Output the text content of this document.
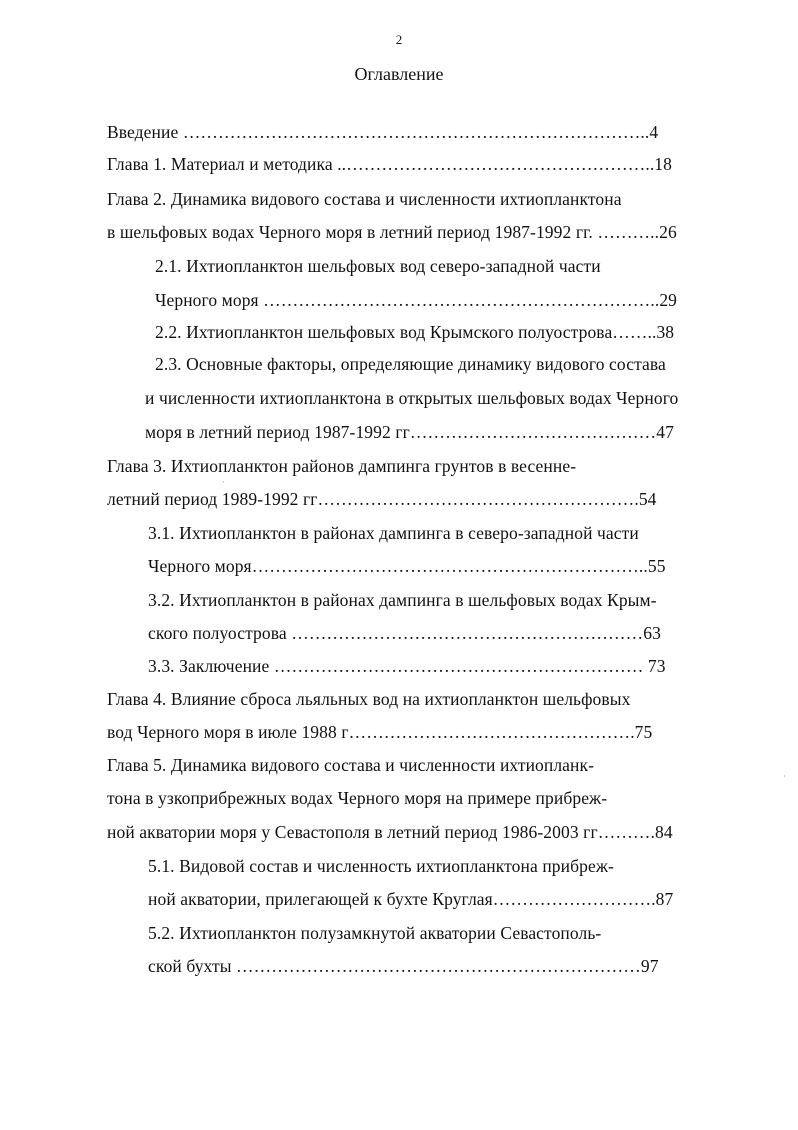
2
Оглавление
Введение ……………………………………………………………………..4
Глава 1. Материал и методика ..……………………………………………..18
Глава 2. Динамика видового состава и численности ихтиопланктона
в шельфовых водах Черного моря в летний период 1987-1992 гг. ………..26
2.1. Ихтиопланктон шельфовых вод северо-западной части
Черного моря …………………………………………………………..29
2.2. Ихтиопланктон шельфовых вод Крымского полуострова……..38
2.3. Основные факторы, определяющие динамику видового состава
и численности ихтиопланктона в открытых шельфовых водах Черного
моря в летний период 1987-1992 гг……………………………………47
Глава 3. Ихтиопланктон районов дампинга грунтов в весенне-
летний период 1989-1992 гг……………………………………………….54
3.1. Ихтиопланктон в районах дампинга в северо-западной части
Черного моря…………………………………………………………..55
3.2. Ихтиопланктон в районах дампинга в шельфовых водах Крым-
ского полуострова ……………………………………………………63
3.3. Заключение ……………………………………………………… 73
Глава 4. Влияние сброса льяльных вод на ихтиопланктон шельфовых
вод Черного моря в июле 1988 г………………………………………….75
Глава 5. Динамика видового состава и численности ихтиопланк-
тона в узкоприбрежных водах Черного моря на примере прибреж-
ной акватории моря у Севастополя в летний период 1986-2003 гг……….84
5.1. Видовой состав и численность ихтиопланктона прибреж-
ной акватории, прилегающей к бухте Круглая……………………….87
5.2. Ихтиопланктон полузамкнутой акватории Севастополь-
ской бухты ……………………………………………………………97
·
·
